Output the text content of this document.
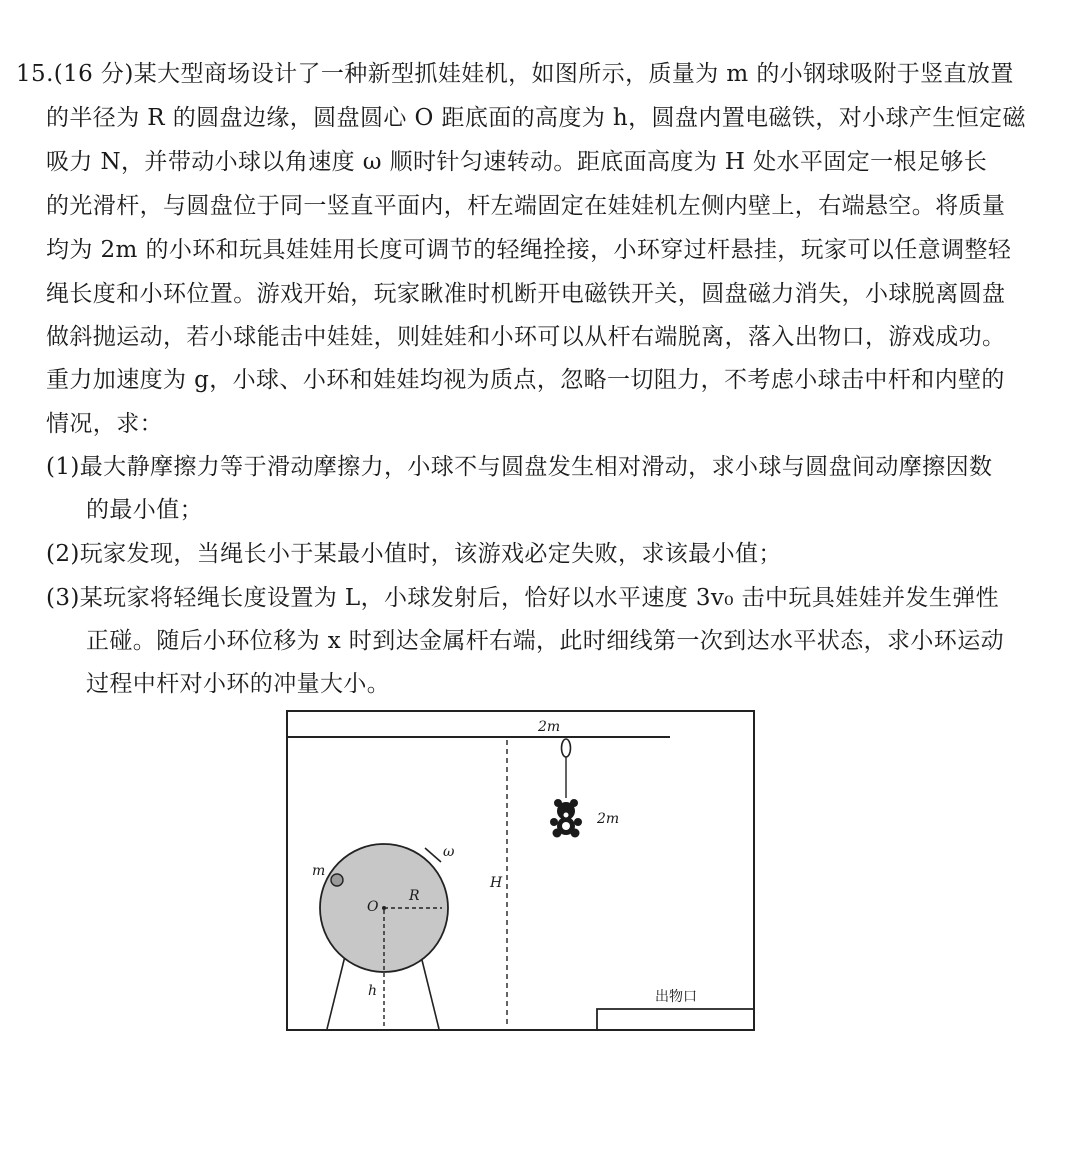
15.(16 分)某大型商场设计了一种新型抓娃娃机，如图所示，质量为 m 的小钢球吸附于竖直放置
的半径为 R 的圆盘边缘，圆盘圆心 O 距底面的高度为 h，圆盘内置电磁铁，对小球产生恒定磁
吸力 N，并带动小球以角速度 ω 顺时针匀速转动。距底面高度为 H 处水平固定一根足够长
的光滑杆，与圆盘位于同一竖直平面内，杆左端固定在娃娃机左侧内壁上，右端悬空。将质量
均为 2m 的小环和玩具娃娃用长度可调节的轻绳拴接，小环穿过杆悬挂，玩家可以任意调整轻
绳长度和小环位置。游戏开始，玩家瞅准时机断开电磁铁开关，圆盘磁力消失，小球脱离圆盘
做斜抛运动，若小球能击中娃娃，则娃娃和小环可以从杆右端脱离，落入出物口，游戏成功。
重力加速度为 g，小球、小环和娃娃均视为质点，忽略一切阻力，不考虑小球击中杆和内壁的
情况，求：
(1)最大静摩擦力等于滑动摩擦力，小球不与圆盘发生相对滑动，求小球与圆盘间动摩擦因数
的最小值；
(2)玩家发现，当绳长小于某最小值时，该游戏必定失败，求该最小值；
(3)某玩家将轻绳长度设置为 L，小球发射后，恰好以水平速度 3v₀ 击中玩具娃娃并发生弹性
正碰。随后小环位移为 x 时到达金属杆右端，此时细线第一次到达水平状态，求小环运动
过程中杆对小环的冲量大小。
2m
2m
H
m
ω
O
R
h	出物口
